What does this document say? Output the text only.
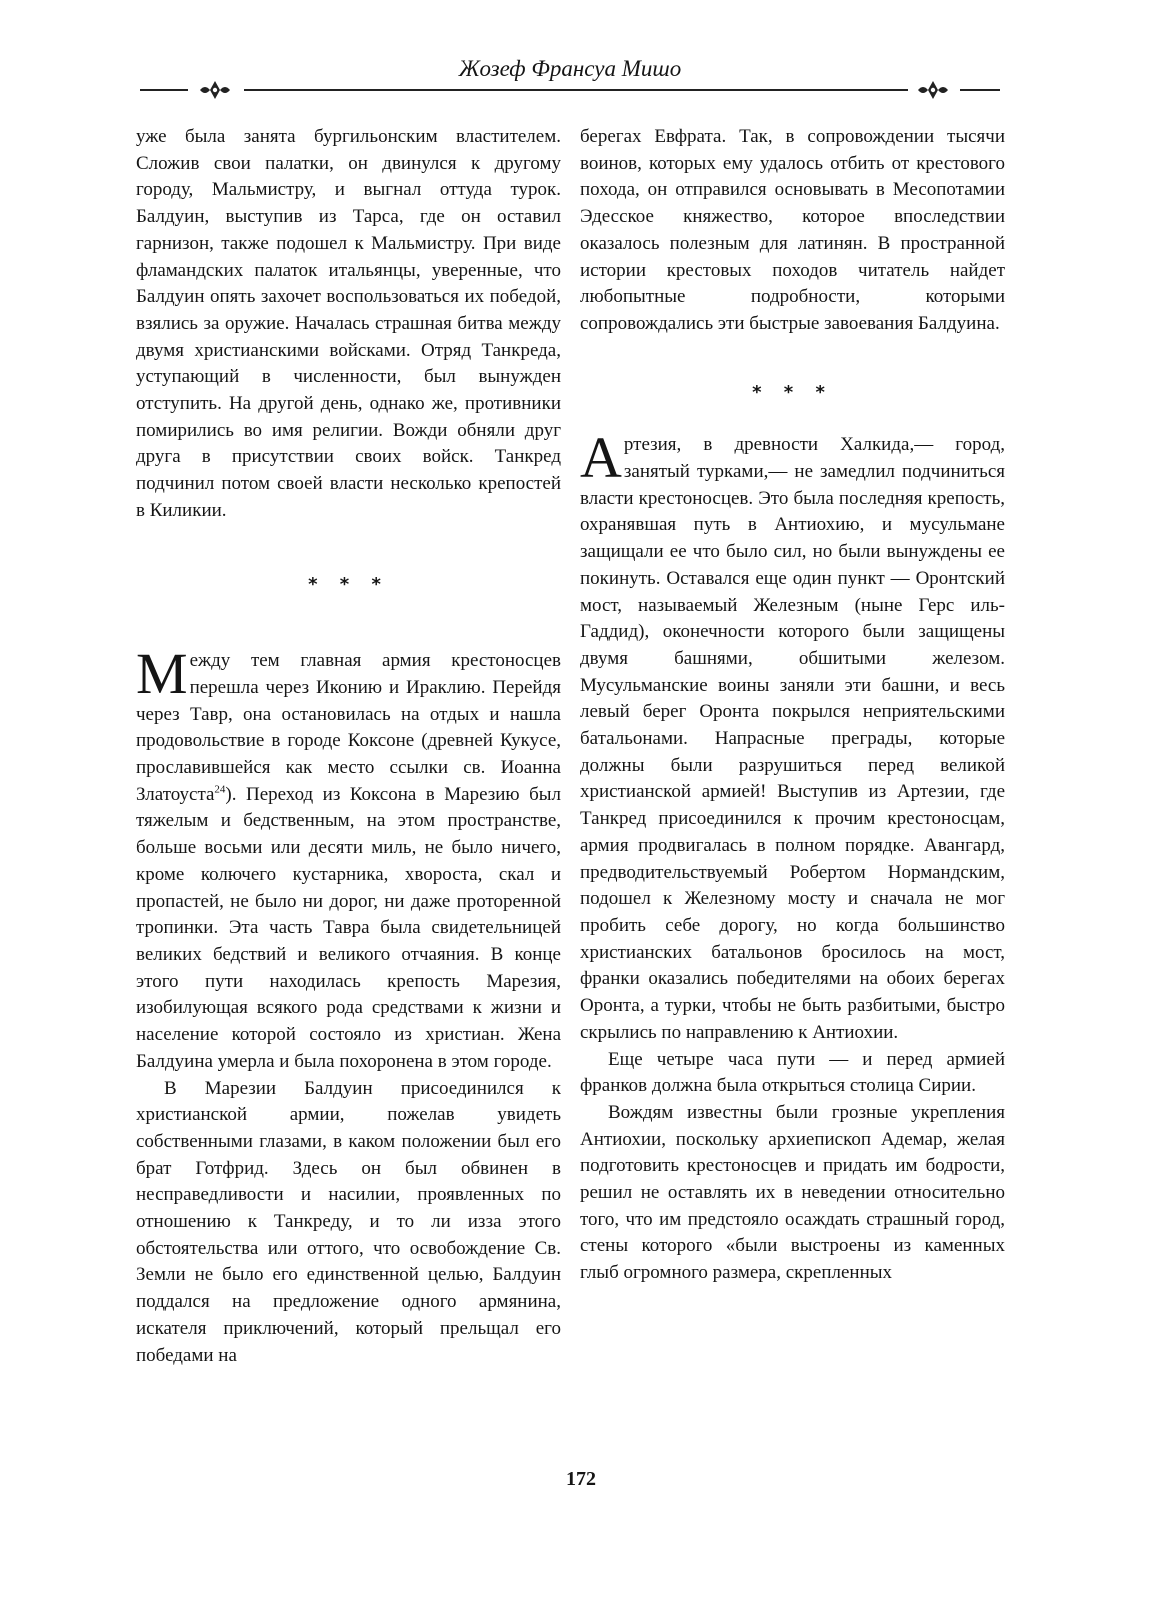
Жозеф Франсуа Мишо

уже была занята бургильонским властителем. Сложив свои палатки, он двинулся к другому городу, Мальмистру, и выгнал оттуда турок. Балдуин, выступив из Тарса, где он оставил гарнизон, также подошел к Мальмистру. При виде фламандских палаток итальянцы, уверенные, что Балдуин опять захочет воспользоваться их победой, взялись за оружие. Началась страшная битва между двумя христианскими войсками. Отряд Танкреда, уступающий в численности, был вынужден отступить. На другой день, однако же, противники помирились во имя религии. Вожди обняли друг друга в присутствии своих войск. Танкред подчинил потом своей власти несколько крепостей в Киликии.

* * *

Между тем главная армия крестоносцев перешла через Иконию и Ираклию. Перейдя через Тавр, она остановилась на отдых и нашла продовольствие в городе Коксоне (древней Кукусе, прославившейся как место ссылки св. Иоанна Златоуста$^{24}$). Переход из Коксона в Марезию был тяжелым и бедственным, на этом пространстве, больше восьми или десяти миль, не было ничего, кроме колючего кустарника, хвороста, скал и пропастей, не было ни дорог, ни даже проторенной тропинки. Эта часть Тавра была свидетельницей великих бедствий и великого отчаяния. В конце этого пути находилась крепость Марезия, изобилующая всякого рода средствами к жизни и население которой состояло из христиан. Жена Балдуина умерла и была похоронена в этом городе.

В Марезии Балдуин присоединился к христианской армии, пожелав увидеть собственными глазами, в каком положении был его брат Готфрид. Здесь он был обвинен в несправедливости и насилии, проявленных по отношению к Танкреду, и то ли изза этого обстоятельства или оттого, что освобождение Св. Земли не было его единственной целью, Балдуин поддался на предложение одного армянина, искателя приключений, который прельщал его победами на

берегах Евфрата. Так, в сопровождении тысячи воинов, которых ему удалось отбить от крестового похода, он отправился основывать в Месопотамии Эдесское княжество, которое впоследствии оказалось полезным для латинян. В пространной истории крестовых походов читатель найдет любопытные подробности, которыми сопровождались эти быстрые завоевания Балдуина.

* * *

Артезия, в древности Халкида,— город, занятый турками,— не замедлил подчиниться власти крестоносцев. Это была последняя крепость, охранявшая путь в Антиохию, и мусульмане защищали ее что было сил, но были вынуждены ее покинуть. Оставался еще один пункт — Оронтский мост, называемый Железным (ныне Герс иль-Гаддид), оконечности которого были защищены двумя башнями, обшитыми железом. Мусульманские воины заняли эти башни, и весь левый берег Оронта покрылся неприятельскими батальонами. Напрасные преграды, которые должны были разрушиться перед великой христианской армией! Выступив из Артезии, где Танкред присоединился к прочим крестоносцам, армия продвигалась в полном порядке. Авангард, предводительствуемый Робертом Нормандским, подошел к Железному мосту и сначала не мог пробить себе дорогу, но когда большинство христианских батальонов бросилось на мост, франки оказались победителями на обоих берегах Оронта, а турки, чтобы не быть разбитыми, быстро скрылись по направлению к Антиохии.

Еще четыре часа пути — и перед армией франков должна была открыться столица Сирии.

Вождям известны были грозные укрепления Антиохии, поскольку архиепископ Адемар, желая подготовить крестоносцев и придать им бодрости, решил не оставлять их в неведении относительно того, что им предстояло осаждать страшный город, стены которого «были выстроены из каменных глыб огромного размера, скрепленных

172
